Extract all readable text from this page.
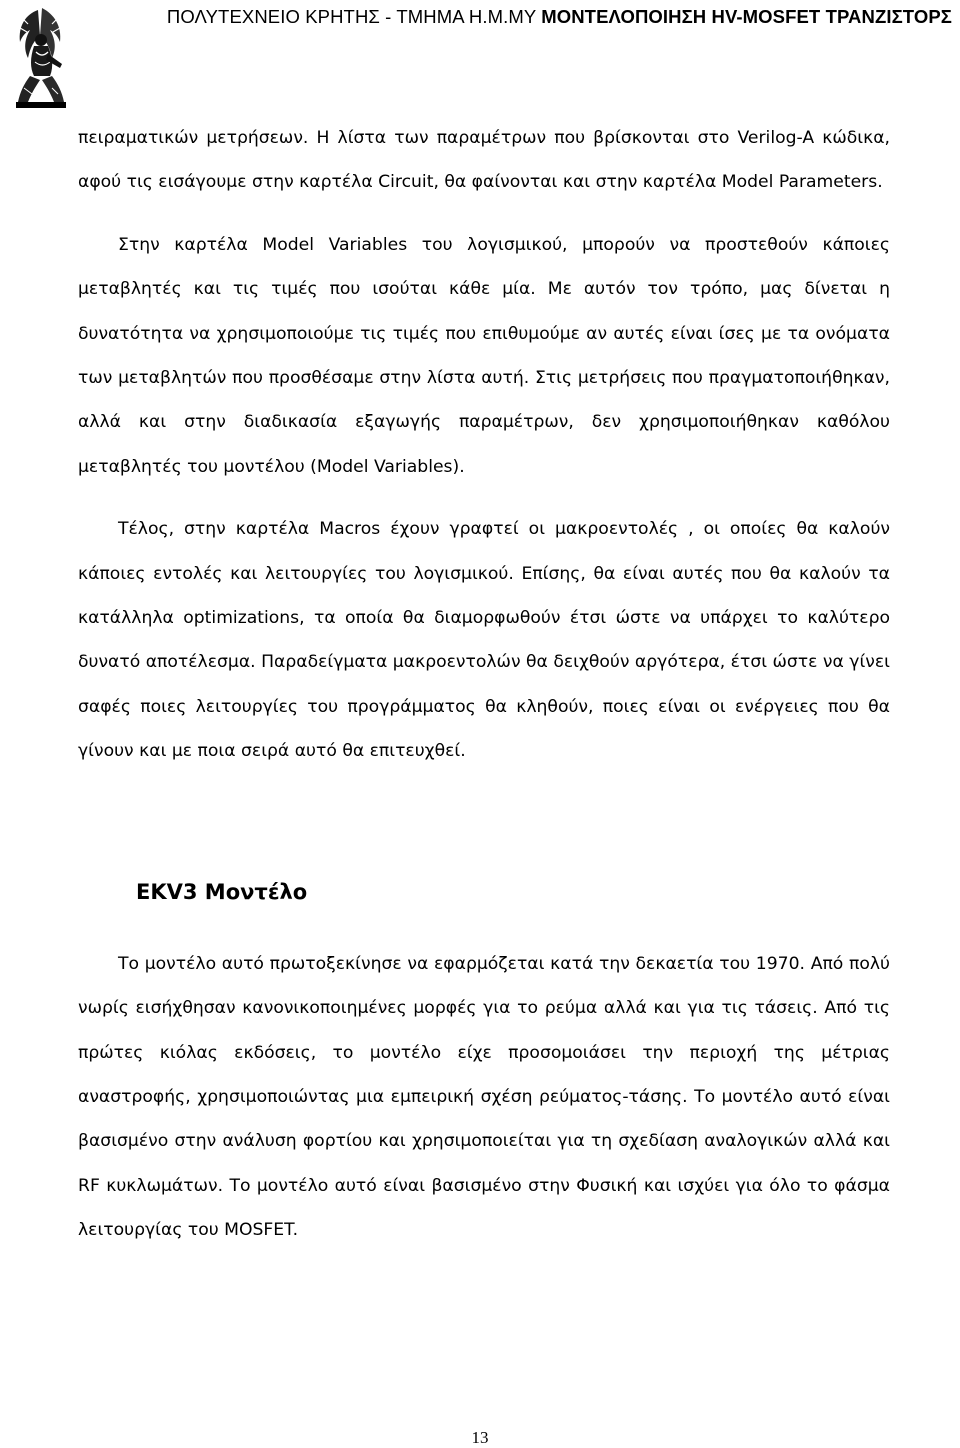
ΠΟΛΥΤΕΧΝΕΙΟ ΚΡΗΤΗΣ - ΤΜΗΜΑ Η.Μ.ΜΥ ΜΟΝΤΕΛΟΠΟΙΗΣΗ HV-MOSFET ΤΡΑΝΖΙΣΤΟΡΣ

πειραματικών μετρήσεων. Η λίστα των παραμέτρων που βρίσκονται στο Verilog-A κώδικα, αφού τις εισάγουμε στην καρτέλα Circuit, θα φαίνονται και στην καρτέλα Model Parameters.

Στην καρτέλα Model Variables του λογισμικού, μπορούν να προστεθούν κάποιες μεταβλητές και τις τιμές που ισούται κάθε μία. Με αυτόν τον τρόπο, μας δίνεται η δυνατότητα να χρησιμοποιούμε τις τιμές που επιθυμούμε αν αυτές είναι ίσες με τα ονόματα των μεταβλητών που προσθέσαμε στην λίστα αυτή. Στις μετρήσεις που πραγματοποιήθηκαν, αλλά και στην διαδικασία εξαγωγής παραμέτρων, δεν χρησιμοποιήθηκαν καθόλου μεταβλητές του μοντέλου (Model Variables).

Τέλος, στην καρτέλα Macros έχουν γραφτεί οι μακροεντολές , οι οποίες θα καλούν κάποιες εντολές και λειτουργίες του λογισμικού. Επίσης, θα είναι αυτές που θα καλούν τα κατάλληλα optimizations, τα οποία θα διαμορφωθούν έτσι ώστε να υπάρχει το καλύτερο δυνατό αποτέλεσμα. Παραδείγματα μακροεντολών θα δειχθούν αργότερα, έτσι ώστε να γίνει σαφές ποιες λειτουργίες του προγράμματος θα κληθούν, ποιες είναι οι ενέργειες που θα γίνουν και με ποια σειρά αυτό θα επιτευχθεί.

EKV3 Μοντέλο

Το μοντέλο αυτό πρωτοξεκίνησε να εφαρμόζεται κατά την δεκαετία του 1970. Από πολύ νωρίς εισήχθησαν κανονικοποιημένες μορφές για το ρεύμα αλλά και για τις τάσεις. Από τις πρώτες κιόλας εκδόσεις, το μοντέλο είχε προσομοιάσει την περιοχή της μέτριας αναστροφής, χρησιμοποιώντας μια εμπειρική σχέση ρεύματος-τάσης. Το μοντέλο αυτό είναι βασισμένο στην ανάλυση φορτίου και χρησιμοποιείται για τη σχεδίαση αναλογικών αλλά και RF κυκλωμάτων. Το μοντέλο αυτό είναι βασισμένο στην Φυσική και ισχύει για όλο το φάσμα λειτουργίας του MOSFET.

13
